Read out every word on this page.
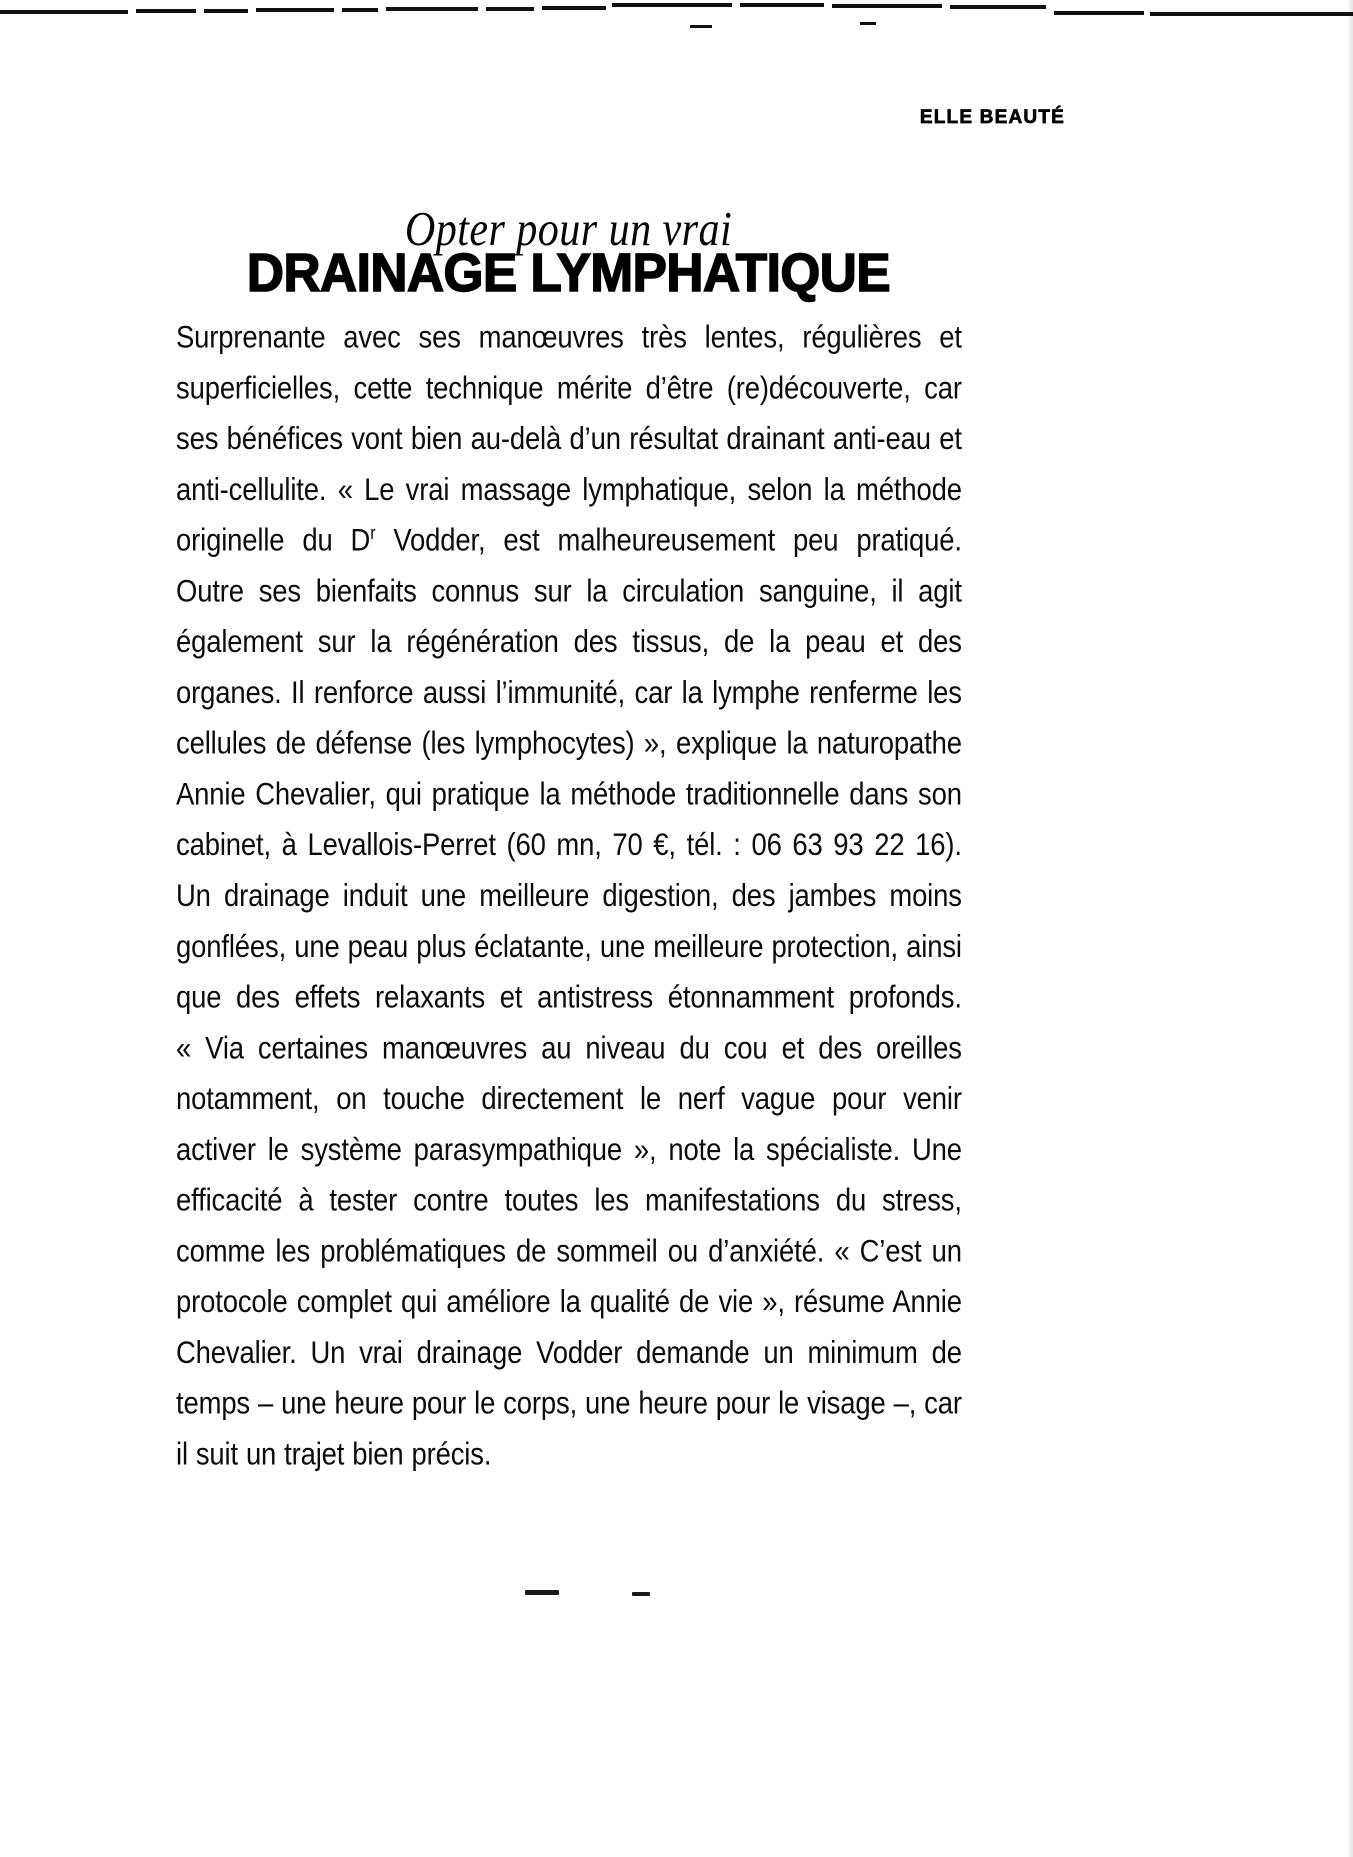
ELLE BEAUTÉ
Opter pour un vrai
DRAINAGE LYMPHATIQUE
Surprenante avec ses manœuvres très lentes, régulières et superficielles, cette technique mérite d’être (re)découverte, car ses bénéfices vont bien au-delà d’un résultat drainant anti-eau et anti-cellulite. « Le vrai massage lymphatique, selon la méthode originelle du $D^r$ Vodder, est malheureusement peu pratiqué. Outre ses bienfaits connus sur la circulation sanguine, il agit également sur la régénération des tissus, de la peau et des organes. Il renforce aussi l’immunité, car la lymphe renferme les cellules de défense (les lymphocytes) », explique la naturopathe Annie Chevalier, qui pratique la méthode traditionnelle dans son cabinet, à Levallois-Perret (60 mn, 70 €, tél. : 06 63 93 22 16). Un drainage induit une meilleure digestion, des jambes moins gonflées, une peau plus éclatante, une meilleure protection, ainsi que des effets relaxants et antistress étonnamment profonds. « Via certaines manœuvres au niveau du cou et des oreilles notamment, on touche directement le nerf vague pour venir activer le système parasympathique », note la spécialiste. Une efficacité à tester contre toutes les manifestations du stress, comme les problématiques de sommeil ou d’anxiété. « C’est un protocole complet qui améliore la qualité de vie », résume Annie Chevalier. Un vrai drainage Vodder demande un minimum de temps – une heure pour le corps, une heure pour le visage –, car il suit un trajet bien précis.
